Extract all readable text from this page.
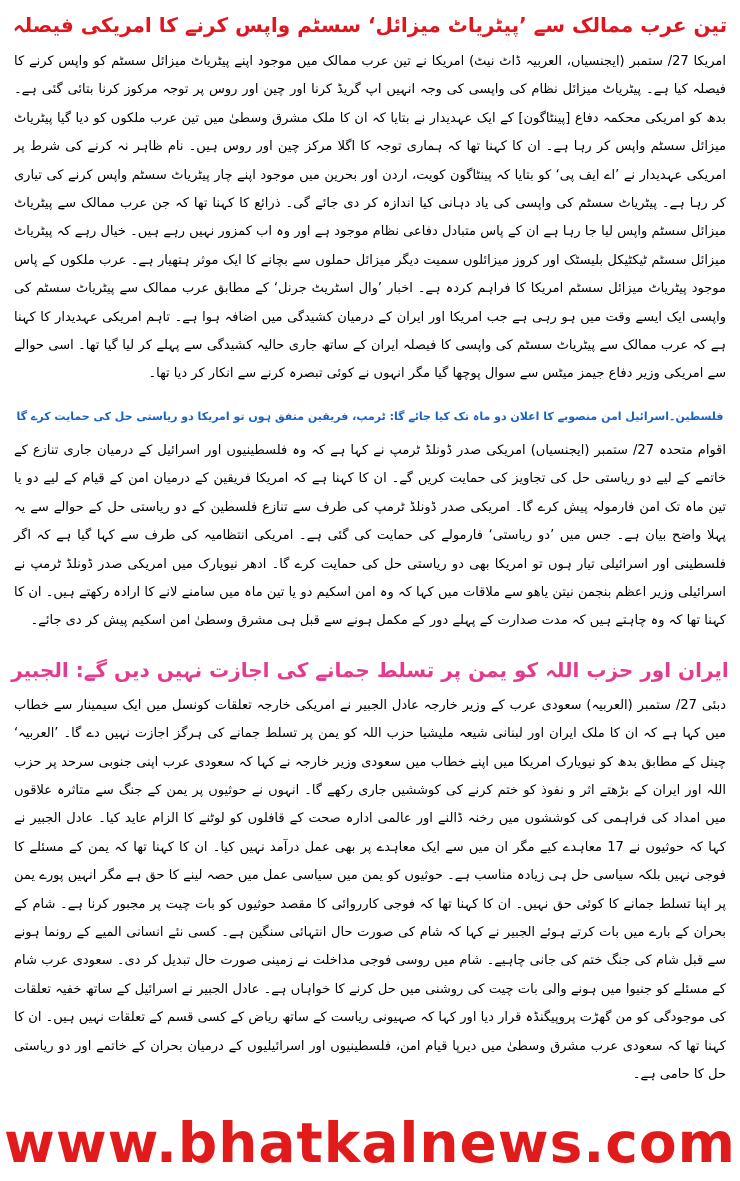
تین عرب ممالک سے ’پیٹریاٹ میزائل‘ سسٹم واپس کرنے کا امریکی فیصلہ

امریکا 27/ ستمبر (ایجنسیاں، العربیہ ڈاٹ نیٹ) امریکا نے تین عرب ممالک میں موجود اپنے پیٹریاٹ میزائل سسٹم کو واپس کرنے کا فیصلہ کیا ہے۔ پیٹریاٹ میزائل نظام کی واپسی کی وجہ انہیں اپ گریڈ کرنا اور چین اور روس پر توجہ مرکوز کرنا بتائی گئی ہے۔ بدھ کو امریکی محکمہ دفاع [پینٹاگون] کے ایک عہدیدار نے بتایا کہ ان کا ملک مشرق وسطیٰ میں تین عرب ملکوں کو دیا گیا پیٹریاٹ میزائل سسٹم واپس کر رہا ہے۔ ان کا کہنا تھا کہ ہماری توجہ کا اگلا مرکز چین اور روس ہیں۔ نام ظاہر نہ کرنے کی شرط پر امریکی عہدیدار نے ’اے ایف پی‘ کو بتایا کہ پینٹاگون کویت، اردن اور بحرین میں موجود اپنے چار پیٹریاٹ سسٹم واپس کرنے کی تیاری کر رہا ہے۔ پیٹریاٹ سسٹم کی واپسی کی یاد دہانی کیا اندازہ کر دی جائے گی۔ ذرائع کا کہنا تھا کہ جن عرب ممالک سے پیٹریاٹ میزائل سسٹم واپس لیا جا رہا ہے ان کے پاس متبادل دفاعی نظام موجود ہے اور وہ اب کمزور نہیں رہے ہیں۔ خیال رہے کہ پیٹریاٹ میزائل سسٹم ٹیکٹیکل بلیسٹک اور کروز میزائلوں سمیت دیگر میزائل حملوں سے بچانے کا ایک موثر ہتھیار ہے۔ عرب ملکوں کے پاس موجود پیٹریاٹ میزائل سسٹم امریکا کا فراہم کردہ ہے۔ اخبار ’وال اسٹریٹ جرنل‘ کے مطابق عرب ممالک سے پیٹریاٹ سسٹم کی واپسی ایک ایسے وقت میں ہو رہی ہے جب امریکا اور ایران کے درمیان کشیدگی میں اضافہ ہوا ہے۔ تاہم امریکی عہدیدار کا کہنا ہے کہ عرب ممالک سے پیٹریاٹ سسٹم کی واپسی کا فیصلہ ایران کے ساتھ جاری حالیہ کشیدگی سے پہلے کر لیا گیا تھا۔ اسی حوالے سے امریکی وزیر دفاع جیمز میٹس سے سوال پوچھا گیا مگر انہوں نے کوئی تبصرہ کرنے سے انکار کر دیا تھا۔

فلسطین۔اسرائیل امن منصوبے کا اعلان دو ماہ تک کیا جائے گا: ٹرمپ، فریقین متفق ہوں تو امریکا دو ریاستی حل کی حمایت کرے گا

اقوام متحدہ 27/ ستمبر (ایجنسیاں) امریکی صدر ڈونلڈ ٹرمپ نے کہا ہے کہ وہ فلسطینیوں اور اسرائیل کے درمیان جاری تنازع کے خاتمے کے لیے دو ریاستی حل کی تجاویز کی حمایت کریں گے۔ ان کا کہنا ہے کہ امریکا فریقین کے درمیان امن کے قیام کے لیے دو یا تین ماہ تک امن فارمولہ پیش کرے گا۔ امریکی صدر ڈونلڈ ٹرمپ کی طرف سے تنازع فلسطین کے دو ریاستی حل کے حوالے سے یہ پہلا واضح بیان ہے۔ جس میں ’دو ریاستی‘ فارمولے کی حمایت کی گئی ہے۔ امریکی انتظامیہ کی طرف سے کہا گیا ہے کہ اگر فلسطینی اور اسرائیلی تیار ہوں تو امریکا بھی دو ریاستی حل کی حمایت کرے گا۔ ادھر نیویارک میں امریکی صدر ڈونلڈ ٹرمپ نے اسرائیلی وزیر اعظم بنجمن نیتن یاھو سے ملاقات میں کہا کہ وہ امن اسکیم دو یا تین ماہ میں سامنے لانے کا ارادہ رکھتے ہیں۔ ان کا کہنا تھا کہ وہ چاہتے ہیں کہ مدت صدارت کے پہلے دور کے مکمل ہونے سے قبل ہی مشرق وسطیٰ امن اسکیم پیش کر دی جائے۔

ایران اور حزب اللہ کو یمن پر تسلط جمانے کی اجازت نہیں دیں گے: الجبیر

دبئی 27/ ستمبر (العربیہ) سعودی عرب کے وزیر خارجہ عادل الجبیر نے امریکی خارجہ تعلقات کونسل میں ایک سیمینار سے خطاب میں کہا ہے کہ ان کا ملک ایران اور لبنانی شیعہ ملیشیا حزب اللہ کو یمن پر تسلط جمانے کی ہرگز اجازت نہیں دے گا۔ ’العربیہ‘ چینل کے مطابق بدھ کو نیویارک امریکا میں اپنے خطاب میں سعودی وزیر خارجہ نے کہا کہ سعودی عرب اپنی جنوبی سرحد پر حزب اللہ اور ایران کے بڑھتے اثر و نفوذ کو ختم کرنے کی کوششیں جاری رکھے گا۔ انہوں نے حوثیوں پر یمن کے جنگ سے متاثرہ علاقوں میں امداد کی فراہمی کی کوششوں میں رخنہ ڈالنے اور عالمی ادارہ صحت کے قافلوں کو لوٹنے کا الزام عاید کیا۔ عادل الجبیر نے کہا کہ حوثیوں نے 17 معاہدے کیے مگر ان میں سے ایک معاہدے پر بھی عمل درآمد نہیں کیا۔ ان کا کہنا تھا کہ یمن کے مسئلے کا فوجی نہیں بلکہ سیاسی حل ہی زیادہ مناسب ہے۔ حوثیوں کو یمن میں سیاسی عمل میں حصہ لینے کا حق ہے مگر انہیں پورے یمن پر اپنا تسلط جمانے کا کوئی حق نہیں۔ ان کا کہنا تھا کہ فوجی کارروائی کا مقصد حوثیوں کو بات چیت پر مجبور کرنا ہے۔ شام کے بحران کے بارے میں بات کرتے ہوئے الجبیر نے کہا کہ شام کی صورت حال انتہائی سنگین ہے۔ کسی نئے انسانی المیے کے رونما ہونے سے قبل شام کی جنگ ختم کی جانی چاہیے۔ شام میں روسی فوجی مداخلت نے زمینی صورت حال تبدیل کر دی۔ سعودی عرب شام کے مسئلے کو جنیوا میں ہونے والی بات چیت کی روشنی میں حل کرنے کا خواہاں ہے۔ عادل الجبیر نے اسرائیل کے ساتھ خفیہ تعلقات کی موجودگی کو من گھڑت پروپیگنڈہ قرار دیا اور کہا کہ صہیونی ریاست کے ساتھ ریاض کے کسی قسم کے تعلقات نہیں ہیں۔ ان کا کہنا تھا کہ سعودی عرب مشرق وسطیٰ میں دیرپا قیام امن، فلسطینیوں اور اسرائیلیوں کے درمیان بحران کے خاتمے اور دو ریاستی حل کا حامی ہے۔

www.bhatkalnews.com
